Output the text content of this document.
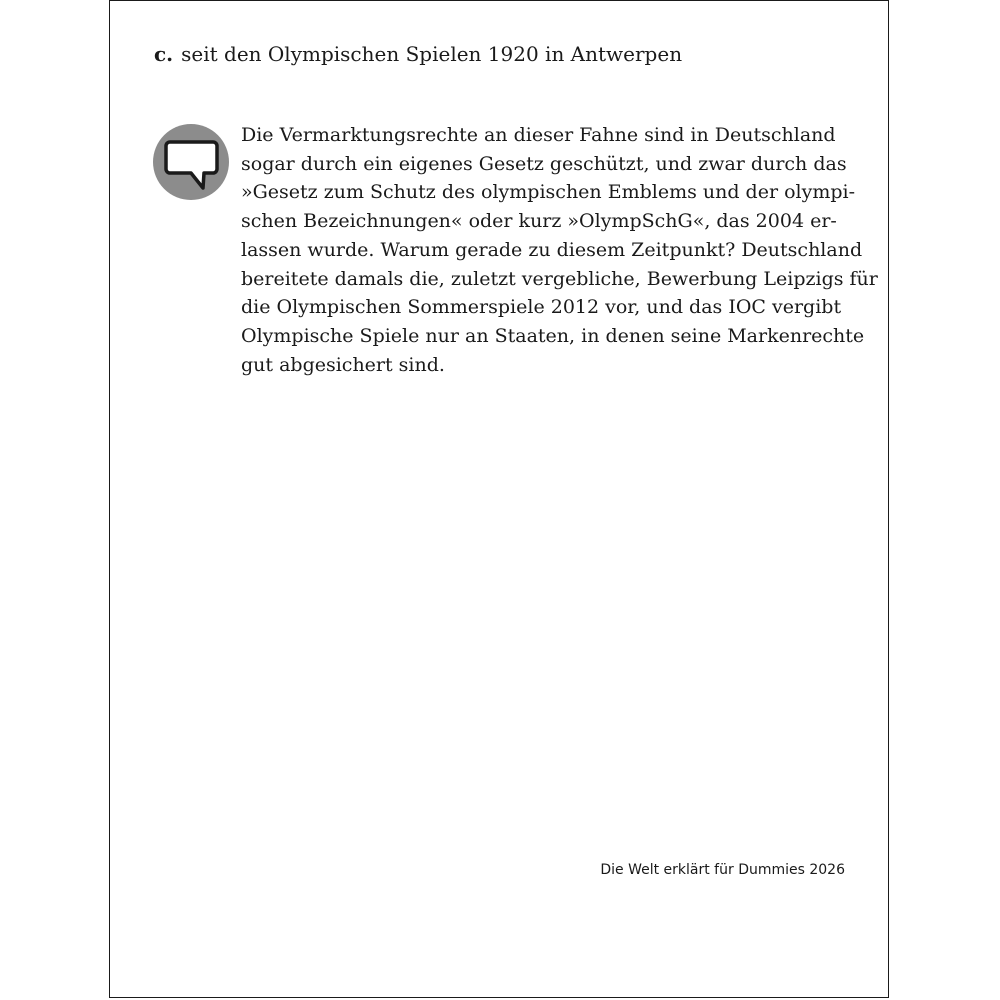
c. seit den Olympischen Spielen 1920 in Antwerpen

Die Vermarktungsrechte an dieser Fahne sind in Deutschland
sogar durch ein eigenes Gesetz geschützt, und zwar durch das
»Gesetz zum Schutz des olympischen Emblems und der olympi-
schen Bezeichnungen« oder kurz »OlympSchG«, das 2004 er-
lassen wurde. Warum gerade zu diesem Zeitpunkt? Deutschland
bereitete damals die, zuletzt vergebliche, Bewerbung Leipzigs für
die Olympischen Sommerspiele 2012 vor, und das IOC vergibt
Olympische Spiele nur an Staaten, in denen seine Markenrechte
gut abgesichert sind.

Die Welt erklärt für Dummies 2026
